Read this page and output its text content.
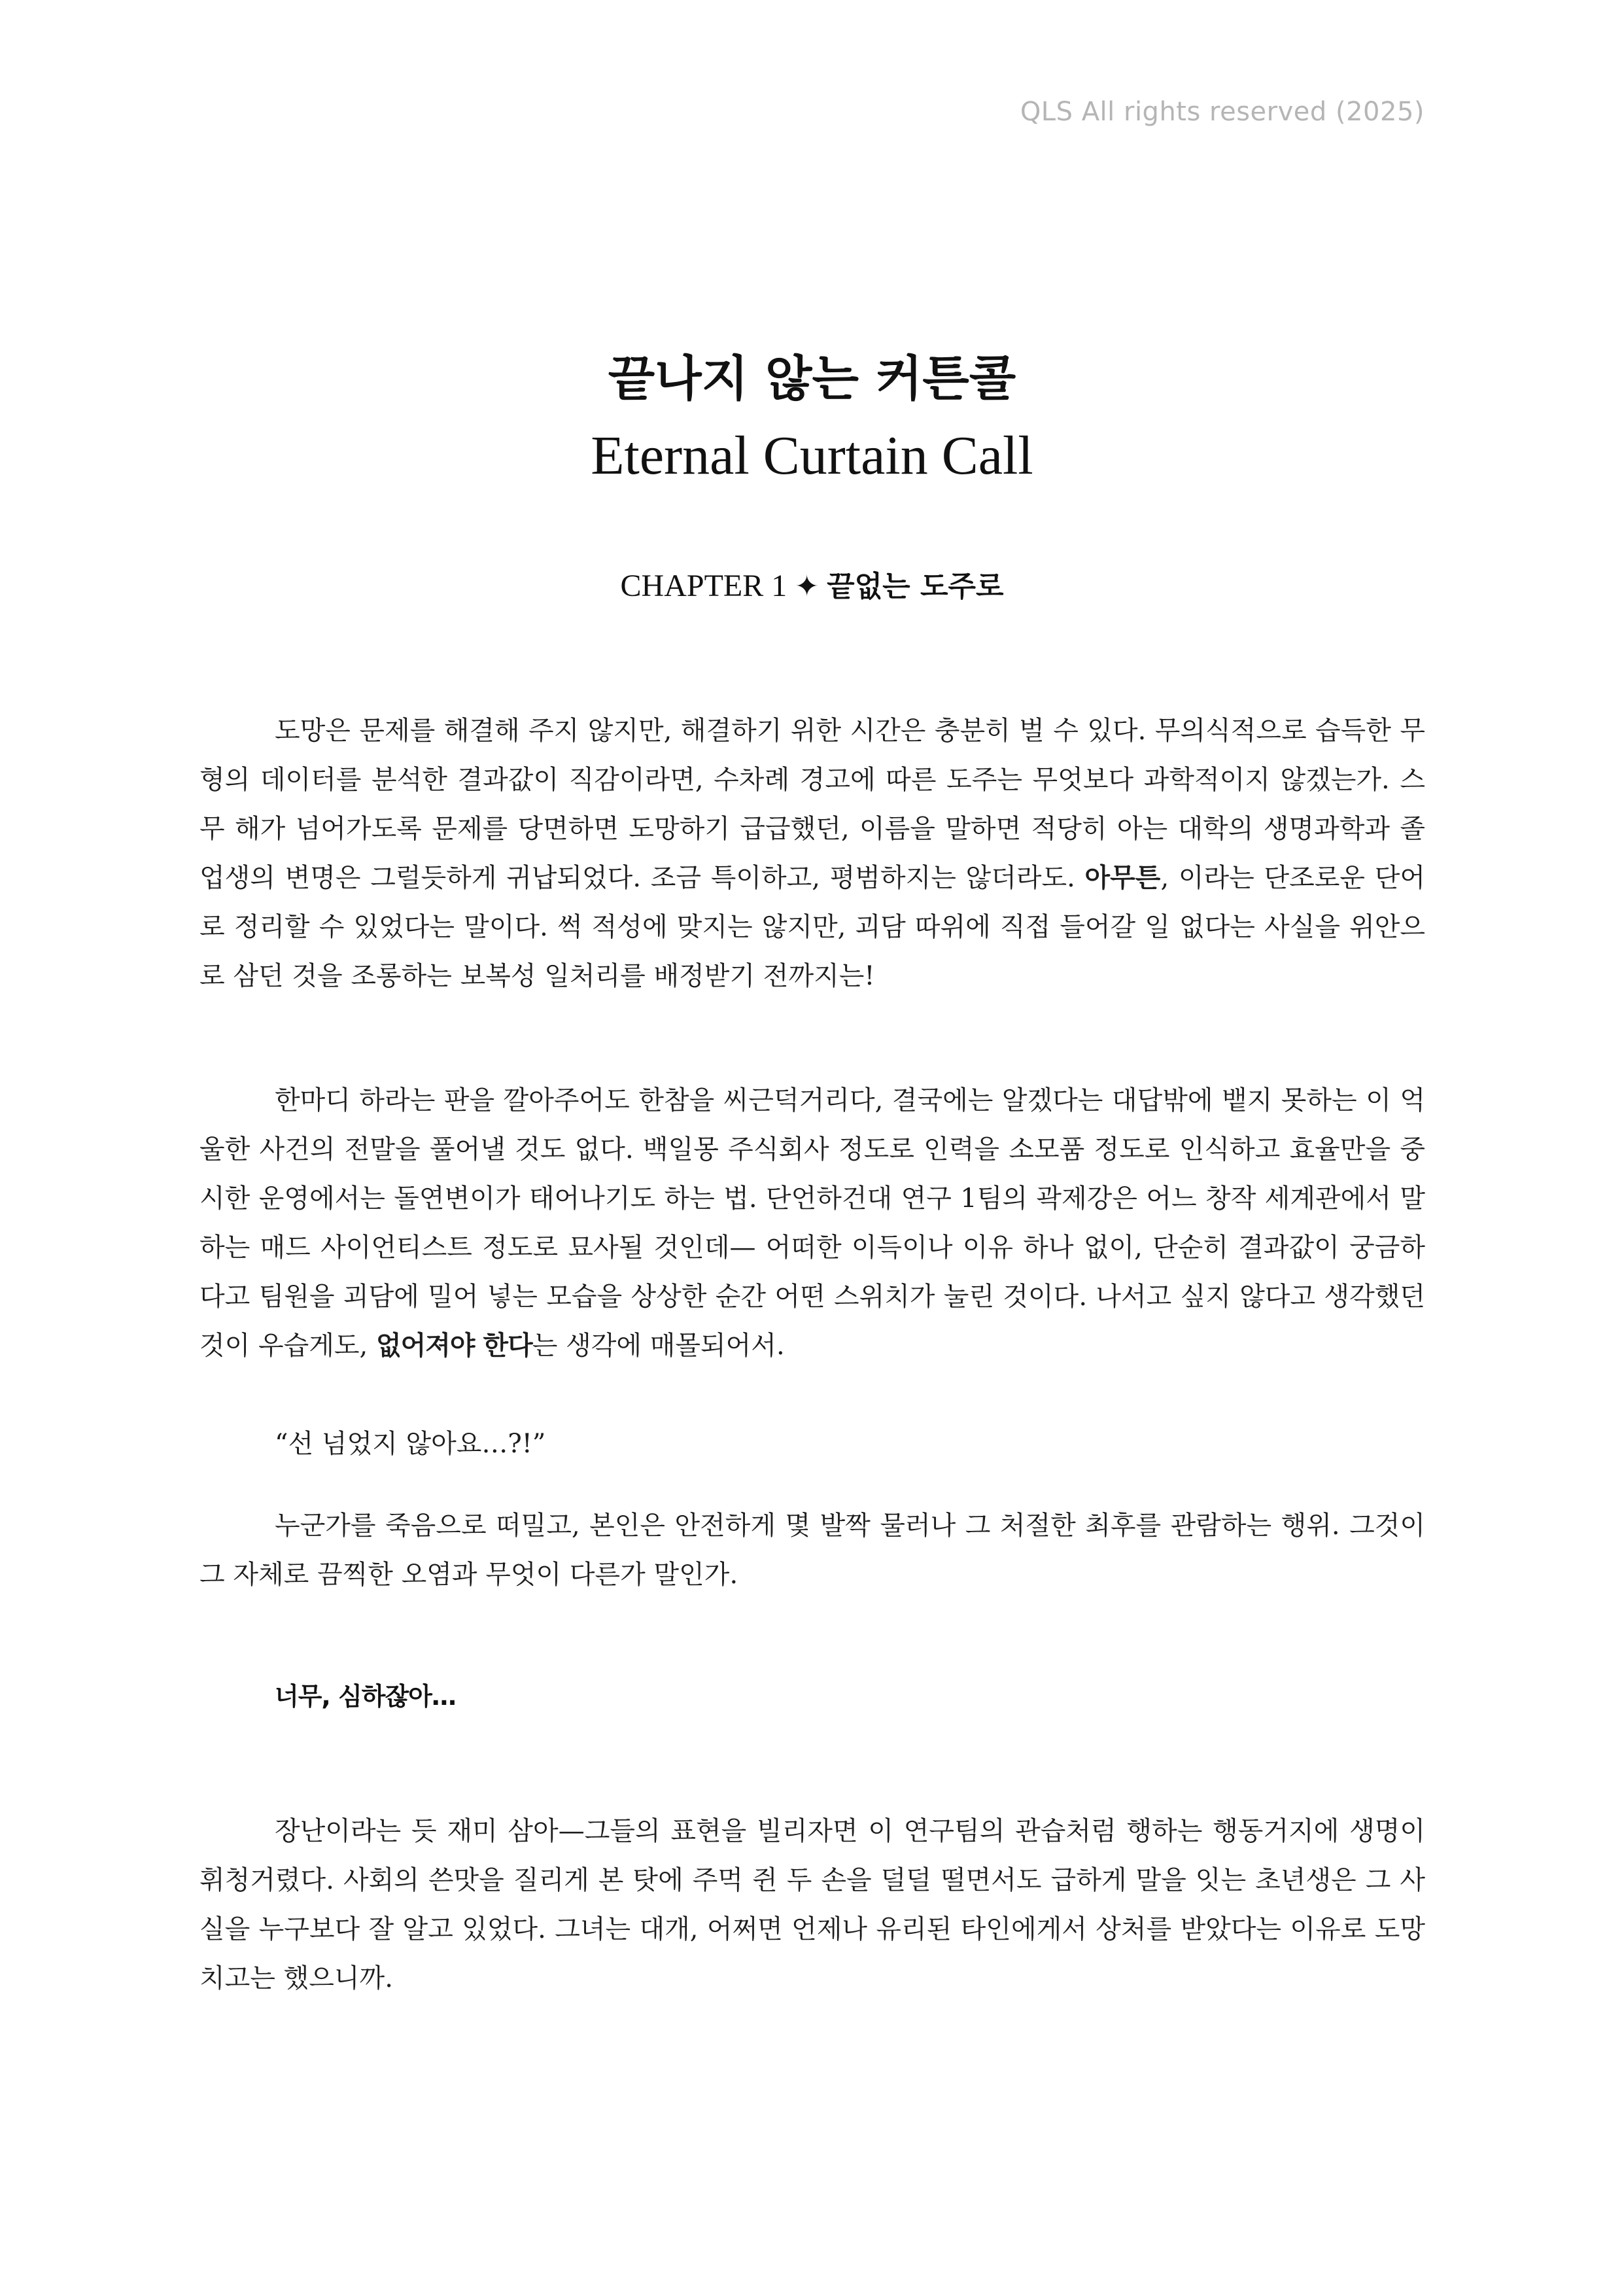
QLS All rights reserved (2025)
끝나지 않는 커튼콜
Eternal Curtain Call
CHAPTER 1 ✦ 끝없는 도주로

도망은 문제를 해결해 주지 않지만, 해결하기 위한 시간은 충분히 벌 수 있다. 무의식적으로 습득한 무형의 데이터를 분석한 결과값이 직감이라면, 수차례 경고에 따른 도주는 무엇보다 과학적이지 않겠는가. 스무 해가 넘어가도록 문제를 당면하면 도망하기 급급했던, 이름을 말하면 적당히 아는 대학의 생명과학과 졸업생의 변명은 그럴듯하게 귀납되었다. 조금 특이하고, 평범하지는 않더라도. 아무튼, 이라는 단조로운 단어로 정리할 수 있었다는 말이다. 썩 적성에 맞지는 않지만, 괴담 따위에 직접 들어갈 일 없다는 사실을 위안으로 삼던 것을 조롱하는 보복성 일처리를 배정받기 전까지는!

한마디 하라는 판을 깔아주어도 한참을 씨근덕거리다, 결국에는 알겠다는 대답밖에 뱉지 못하는 이 억울한 사건의 전말을 풀어낼 것도 없다. 백일몽 주식회사 정도로 인력을 소모품 정도로 인식하고 효율만을 중시한 운영에서는 돌연변이가 태어나기도 하는 법. 단언하건대 연구 1팀의 곽제강은 어느 창작 세계관에서 말하는 매드 사이언티스트 정도로 묘사될 것인데— 어떠한 이득이나 이유 하나 없이, 단순히 결과값이 궁금하다고 팀원을 괴담에 밀어 넣는 모습을 상상한 순간 어떤 스위치가 눌린 것이다. 나서고 싶지 않다고 생각했던 것이 우습게도, 없어져야 한다는 생각에 매몰되어서.

“선 넘었지 않아요…?!”

누군가를 죽음으로 떠밀고, 본인은 안전하게 몇 발짝 물러나 그 처절한 최후를 관람하는 행위. 그것이 그 자체로 끔찍한 오염과 무엇이 다른가 말인가.

너무, 심하잖아…

장난이라는 듯 재미 삼아—그들의 표현을 빌리자면 이 연구팀의 관습처럼 행하는 행동거지에 생명이 휘청거렸다. 사회의 쓴맛을 질리게 본 탓에 주먹 쥔 두 손을 덜덜 떨면서도 급하게 말을 잇는 초년생은 그 사실을 누구보다 잘 알고 있었다. 그녀는 대개, 어쩌면 언제나 유리된 타인에게서 상처를 받았다는 이유로 도망치고는 했으니까.
